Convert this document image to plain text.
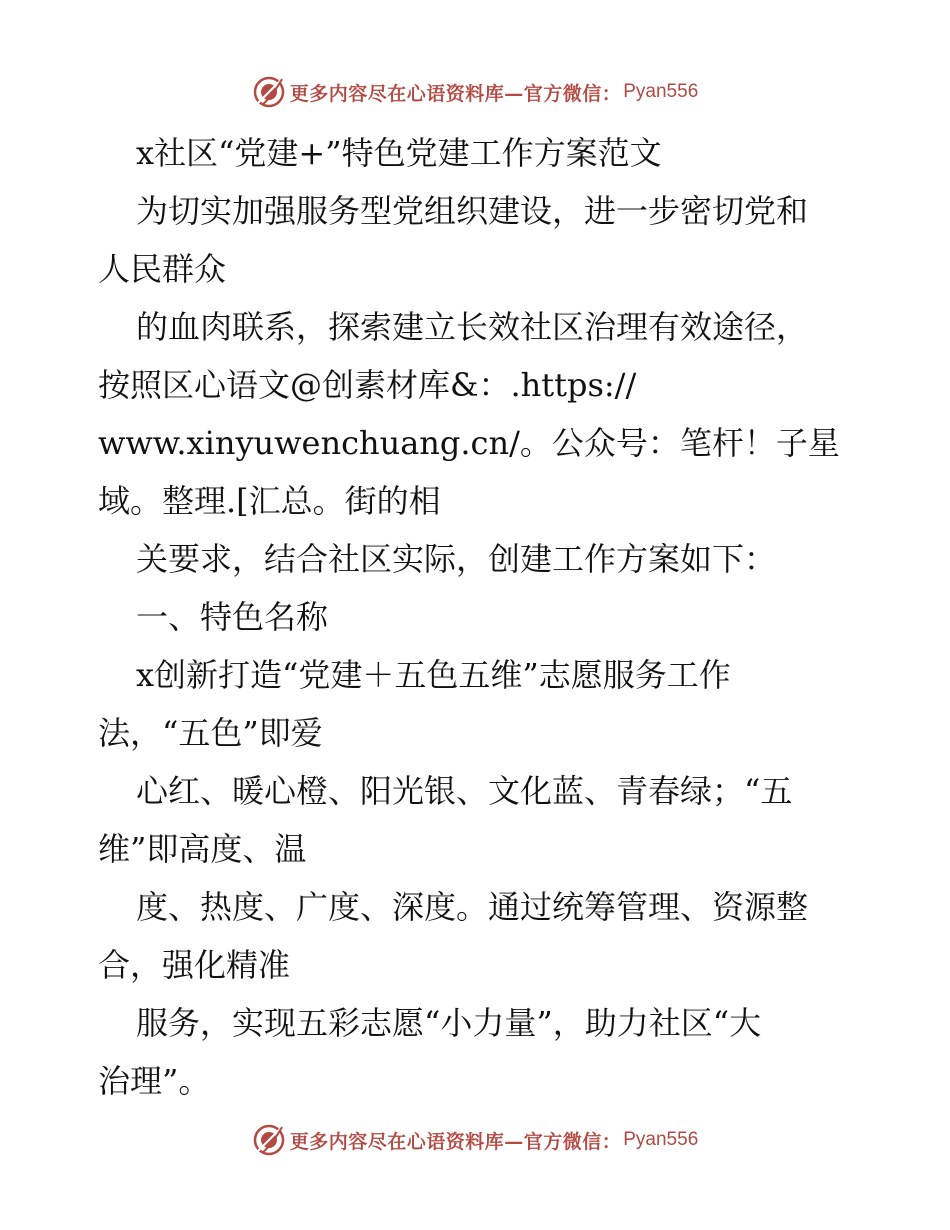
更多内容尽在心语资料库—官方微信： Pyan556

x社区“党建+”特色党建工作方案范文

为切实加强服务型党组织建设，进一步密切党和

人民群众

的血肉联系，探索建立长效社区治理有效途径，

按照区心语文@创素材库&：.https://

www.xinyuwenchuang.cn/。公众号：笔杆！子星

域。整理.[汇总。街的相

关要求，结合社区实际，创建工作方案如下：

一、特色名称

x创新打造“党建＋五色五维”志愿服务工作

法，“五色”即爱

心红、暖心橙、阳光银、文化蓝、青春绿；“五

维”即高度、温

度、热度、广度、深度。通过统筹管理、资源整

合，强化精准

服务，实现五彩志愿“小力量”，助力社区“大

治理”。

更多内容尽在心语资料库—官方微信： Pyan556
